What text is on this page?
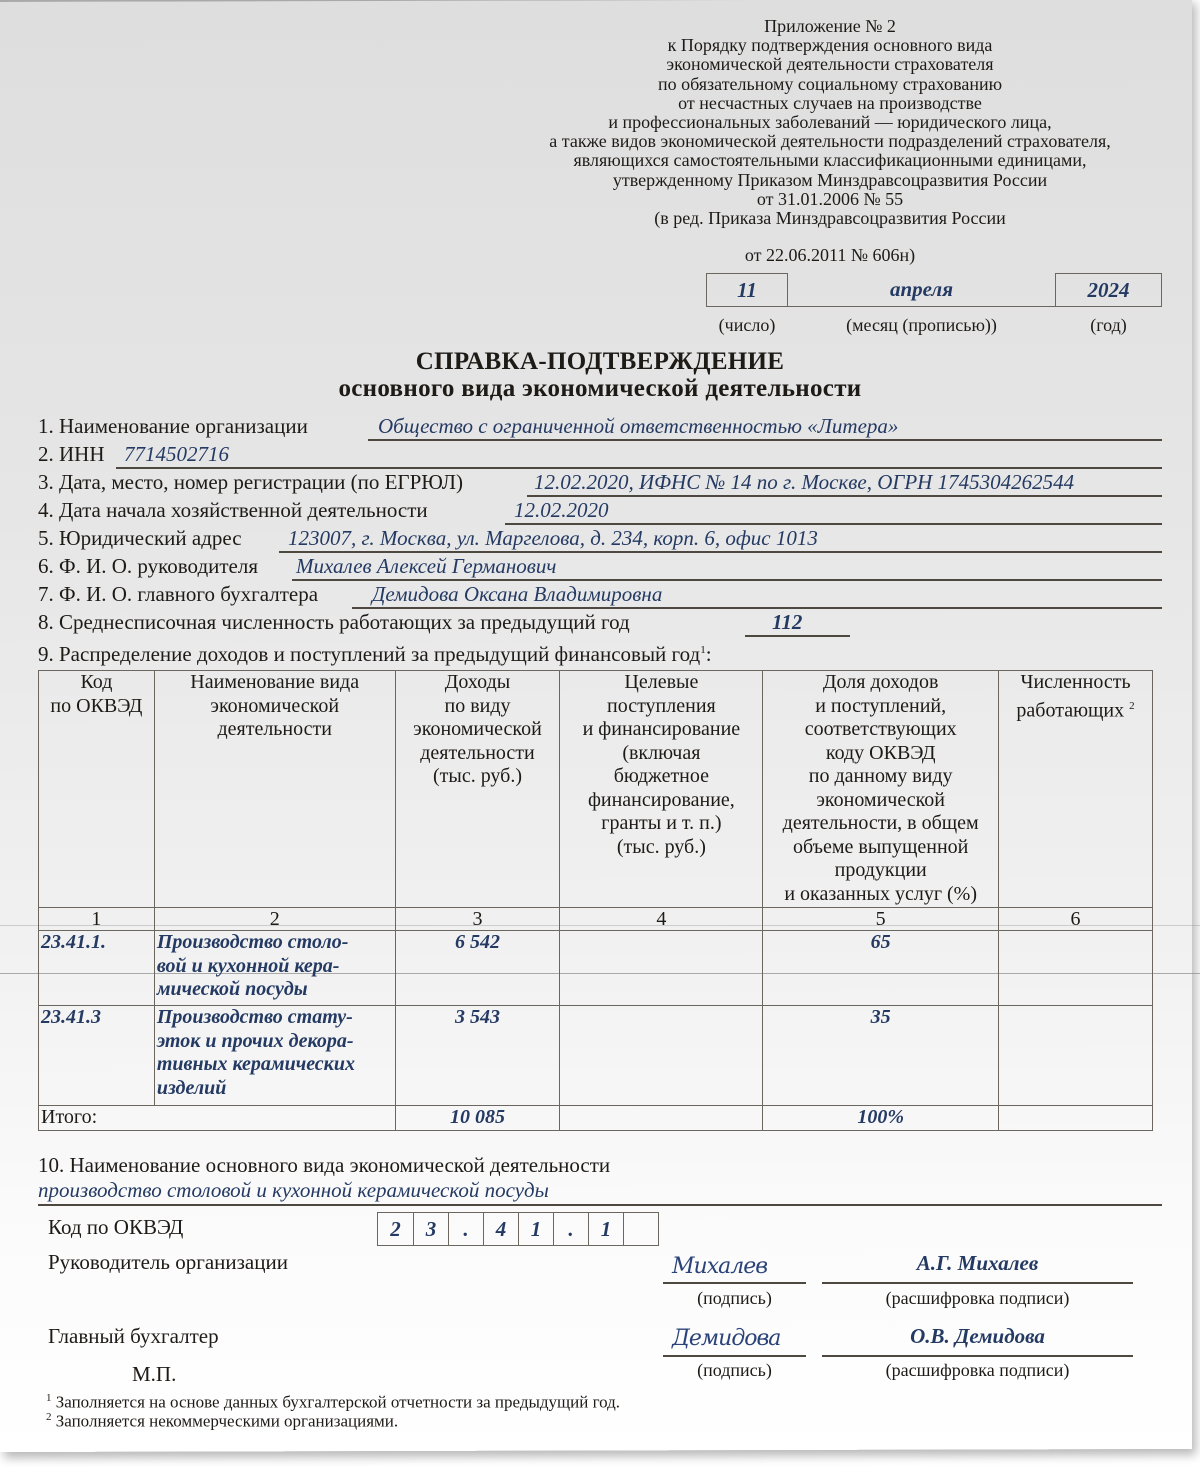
Приложение № 2
к Порядку подтверждения основного вида
экономической деятельности страхователя
по обязательному социальному страхованию
от несчастных случаев на производстве
и профессиональных заболеваний — юридического лица,
а также видов экономической деятельности подразделений страхователя,
являющихся самостоятельными классификационными единицами,
утвержденному Приказом Минздравсоцразвития России
от 31.01.2006 № 55
(в ред. Приказа Минздравсоцразвития России
от 22.06.2011 № 606н)
11	апреля	2024
(число)	(месяц (прописью))	(год)
СПРАВКА-ПОДТВЕРЖДЕНИЕ
основного вида экономической деятельности
1. Наименование организации	Общество с ограниченной ответственностью «Литера»
2. ИНН 7714502716
3. Дата, место, номер регистрации (по ЕГРЮЛ)	12.02.2020, ИФНС № 14 по г. Москве, ОГРН 1745304262544
4. Дата начала хозяйственной деятельности	12.02.2020
5. Юридический адрес 123007, г. Москва, ул. Маргелова, д. 234, корп. 6, офис 1013
6. Ф. И. О. руководителя Михалев Алексей Германович
7. Ф. И. О. главного бухгалтера	Демидова Оксана Владимировна
8. Среднесписочная численность работающих за предыдущий год	112
9. Распределение доходов и поступлений за предыдущий финансовый год$^1$:
Код
по ОКВЭД

Наименование вида
экономической
деятельности

Доходы
по виду
экономической
деятельности
(тыс. руб.)

Целевые
поступления
и финансирование
(включая
бюджетное
финансирование,
гранты и т. п.)
(тыс. руб.)

Доля доходов
и поступлений,
соответствующих
коду ОКВЭД
по данному виду
экономической
деятельности, в общем
объеме выпущенной
продукции
и оказанных услуг (%)

Численность
работающих $^2$

1	2	3	4	5	6
23.41.1.	Производство столо-
вой и кухонной кера-
мической посуды	6 542		65	
23.41.3	Производство стату-
эток и прочих декора-
тивных керамических
изделий	3 543		35	
Итого:		10 085		100%	
10. Наименование основного вида экономической деятельности
производство столовой и кухонной керамической посуды
Код по ОКВЭД	2	3	.	4	1	.	1
Руководитель организации	Михалев	А.Г. Михалев
(подпись)	(расшифровка подписи)
Главный бухгалтер	Демидова	О.В. Демидова
(подпись)	(расшифровка подписи)
М.П.
$^1$ Заполняется на основе данных бухгалтерской отчетности за предыдущий год.
$^2$ Заполняется некоммерческими организациями.
